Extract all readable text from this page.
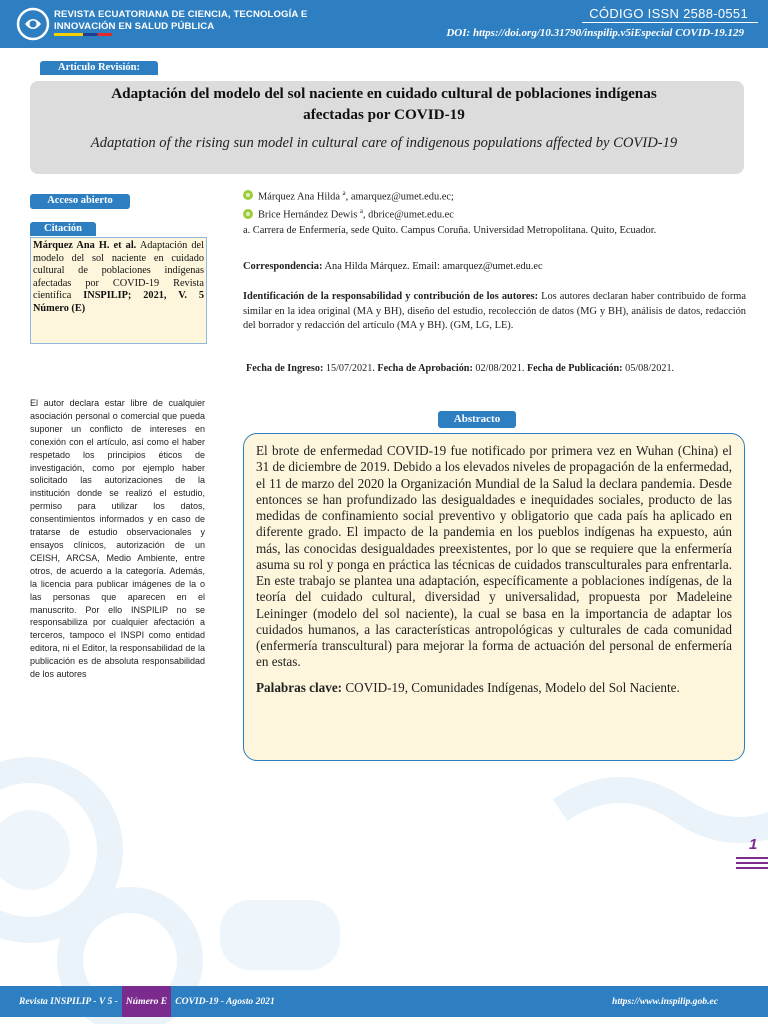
REVISTA ECUATORIANA DE CIENCIA, TECNOLOGÍA E
INNOVACIÓN EN SALUD PÚBLICA
CÓDIGO ISSN 2588-0551
DOI: https://doi.org/10.31790/inspilip.v5iEspecial COVID-19.129
Artículo Revisión:
Adaptación del modelo del sol naciente en cuidado cultural de poblaciones indígenas afectadas por COVID-19
Adaptation of the rising sun model in cultural care of indigenous populations affected by COVID-19
Acceso abierto
Citación
Márquez Ana H. et al. Adaptación del modelo del sol naciente en cuidado cultural de poblaciones indígenas afectadas por COVID-19 Revista científica INSPILIP; 2021, V. 5 Número (E)
El autor declara estar libre de cualquier asociación personal o comercial que pueda suponer un conflicto de intereses en conexión con el artículo, así como el haber respetado los principios éticos de investigación, como por ejemplo haber solicitado las autorizaciones de la institución donde se realizó el estudio, permiso para utilizar los datos, consentimientos informados y en caso de tratarse de estudio observacionales y ensayos clínicos, autorización de un CEISH, ARCSA, Medio Ambiente, entre otros, de acuerdo a la categoría. Además, la licencia para publicar imágenes de la o las personas que aparecen en el manuscrito. Por ello INSPILIP no se responsabiliza por cualquier afectación a terceros, tampoco el INSPI como entidad editora, ni el Editor, la responsabilidad de la publicación es de absoluta responsabilidad de los autores
Márquez Ana Hilda $^a$, amarquez@umet.edu.ec;
Brice Hernández Dewis $^a$, dbrice@umet.edu.ec
a. Carrera de Enfermería, sede Quito. Campus Coruña. Universidad Metropolitana. Quito, Ecuador.
Correspondencia: Ana Hilda Márquez. Email: amarquez@umet.edu.ec
Identificación de la responsabilidad y contribución de los autores: Los autores declaran haber contribuido de forma similar en la idea original (MA y BH), diseño del estudio, recolección de datos (MG y BH), análisis de datos, redacción del borrador y redacción del artículo (MA y BH). (GM, LG, LE).
Fecha de Ingreso: 15/07/2021. Fecha de Aprobación: 02/08/2021. Fecha de Publicación: 05/08/2021.
Abstracto
El brote de enfermedad COVID-19 fue notificado por primera vez en Wuhan (China) el 31 de diciembre de 2019. Debido a los elevados niveles de propagación de la enfermedad, el 11 de marzo del 2020 la Organización Mundial de la Salud la declara pandemia. Desde entonces se han profundizado las desigualdades e inequidades sociales, producto de las medidas de confinamiento social preventivo y obligatorio que cada país ha aplicado en diferente grado. El impacto de la pandemia en los pueblos indígenas ha expuesto, aún más, las conocidas desigualdades preexistentes, por lo que se requiere que la enfermería asuma su rol y ponga en práctica las técnicas de cuidados transculturales para enfrentarla. En este trabajo se plantea una adaptación, específicamente a poblaciones indígenas, de la teoría del cuidado cultural, diversidad y universalidad, propuesta por Madeleine Leininger (modelo del sol naciente), la cual se basa en la importancia de adaptar los cuidados humanos, a las características antropológicas y culturales de cada comunidad (enfermería transcultural) para mejorar la forma de actuación del personal de enfermería en estas.
Palabras clave: COVID-19, Comunidades Indígenas, Modelo del Sol Naciente.
1
Revista INSPILIP - V 5 - Número E COVID-19 - Agosto 2021	https://www.inspilip.gob.ec
